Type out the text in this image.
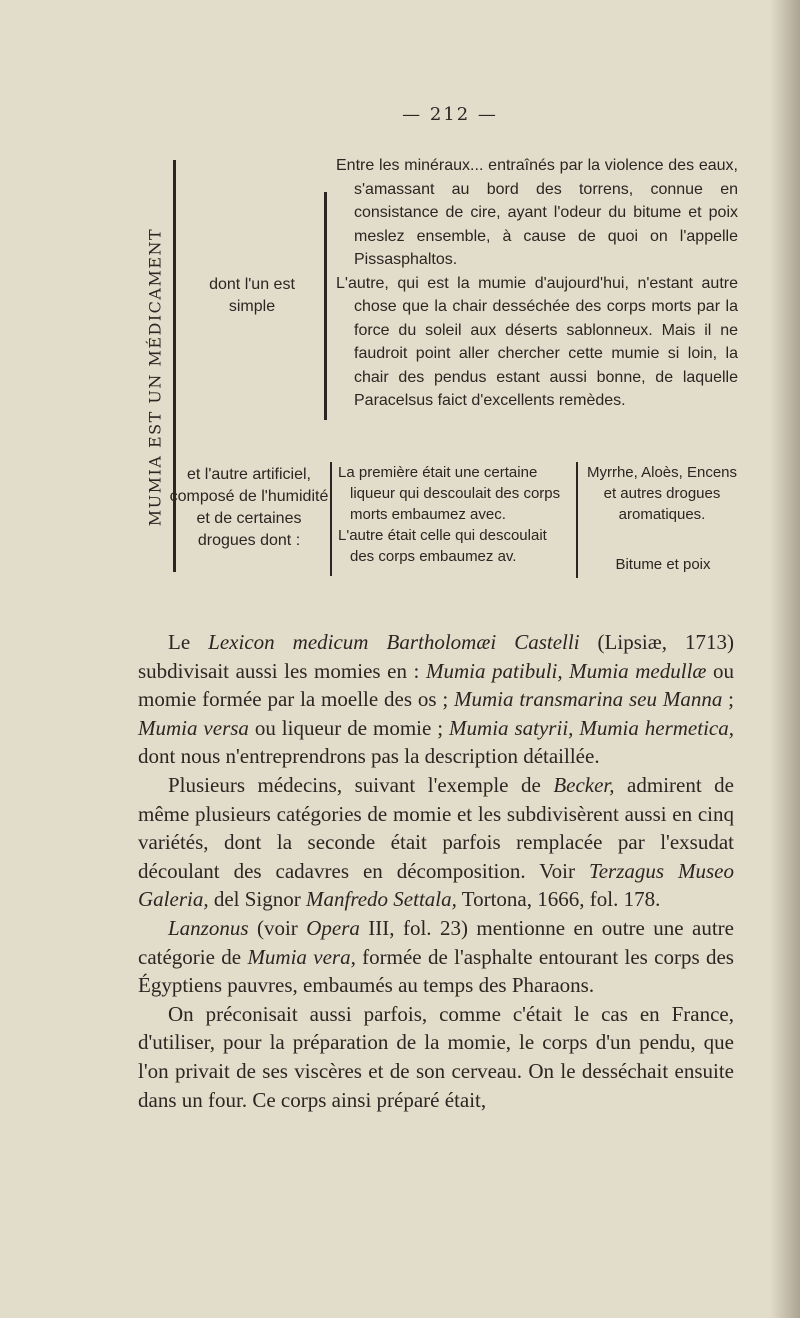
— 212 —
MUMIA EST UN MÉDICAMENT	dont l'un est simple

Entre les minéraux... entraînés par la violence des eaux, s'amassant au bord des torrens, connue en consistance de cire, ayant l'odeur du bitume et poix meslez ensemble, à cause de quoi on l'appelle Pissasphaltos.

L'autre, qui est la mumie d'aujourd'hui, n'estant autre chose que la chair desséchée des corps morts par la force du soleil aux déserts sablonneux. Mais il ne faudroit point aller chercher cette mumie si loin, la chair des pendus estant aussi bonne, de laquelle Paracelsus faict d'excellents remèdes.

et l'autre artificiel, composé de l'humidité et de certaines drogues dont :

La première était une certaine liqueur qui descoulait des corps morts embaumez avec.

L'autre était celle qui descoulait des corps embaumez av.

Myrrhe, Aloès, Encens et autres drogues aromatiques.
Bitume et poix

Le Lexicon medicum Bartholomæi Castelli (Lipsiæ, 1713) subdivisait aussi les momies en : Mumia patibuli, Mumia medullæ ou momie formée par la moelle des os ; Mumia transmarina seu Manna ; Mumia versa ou liqueur de momie ; Mumia satyrii, Mumia hermetica, dont nous n'entreprendrons pas la description détaillée.

Plusieurs médecins, suivant l'exemple de Becker, admirent de même plusieurs catégories de momie et les subdivisèrent aussi en cinq variétés, dont la seconde était parfois remplacée par l'exsudat découlant des cadavres en décomposition. Voir Terzagus Museo Galeria, del Signor Manfredo Settala, Tortona, 1666, fol. 178.

Lanzonus (voir Opera III, fol. 23) mentionne en outre une autre catégorie de Mumia vera, formée de l'asphalte entourant les corps des Égyptiens pauvres, embaumés au temps des Pharaons.

On préconisait aussi parfois, comme c'était le cas en France, d'utiliser, pour la préparation de la momie, le corps d'un pendu, que l'on privait de ses viscères et de son cerveau. On le desséchait ensuite dans un four. Ce corps ainsi préparé était,
